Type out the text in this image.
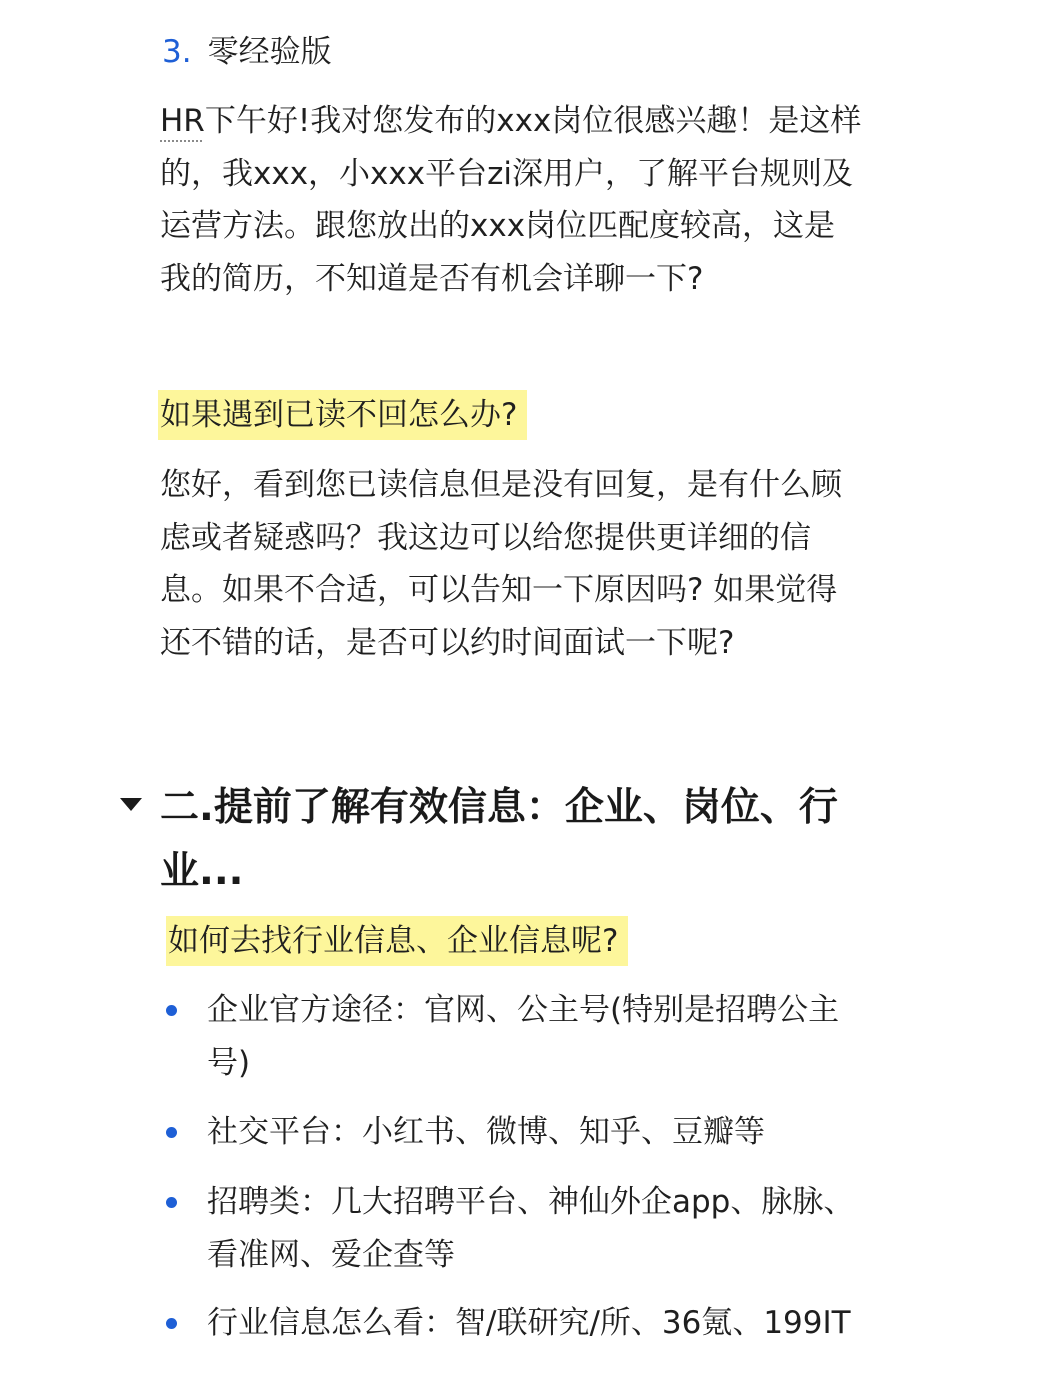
3. 零经验版
HR下午好!我对您发布的xxx岗位很感兴趣！是这样
的，我xxx，小xxx平台zi深用户，了解平台规则及
运营方法。跟您放出的xxx岗位匹配度较高，这是
我的简历，不知道是否有机会详聊一下?
如果遇到已读不回怎么办?
您好，看到您已读信息但是没有回复，是有什么顾
虑或者疑惑吗？我这边可以给您提供更详细的信
息。如果不合适，可以告知一下原因吗? 如果觉得
还不错的话，是否可以约时间面试一下呢?
二.提前了解有效信息：企业、岗位、行
业...
如何去找行业信息、企业信息呢?
企业官方途径：官网、公主号(特别是招聘公主
号)
社交平台：小红书、微博、知乎、豆瓣等
招聘类：几大招聘平台、神仙外企app、脉脉、
看准网、爱企查等
行业信息怎么看：智/联研究/所、36氪、199IT
